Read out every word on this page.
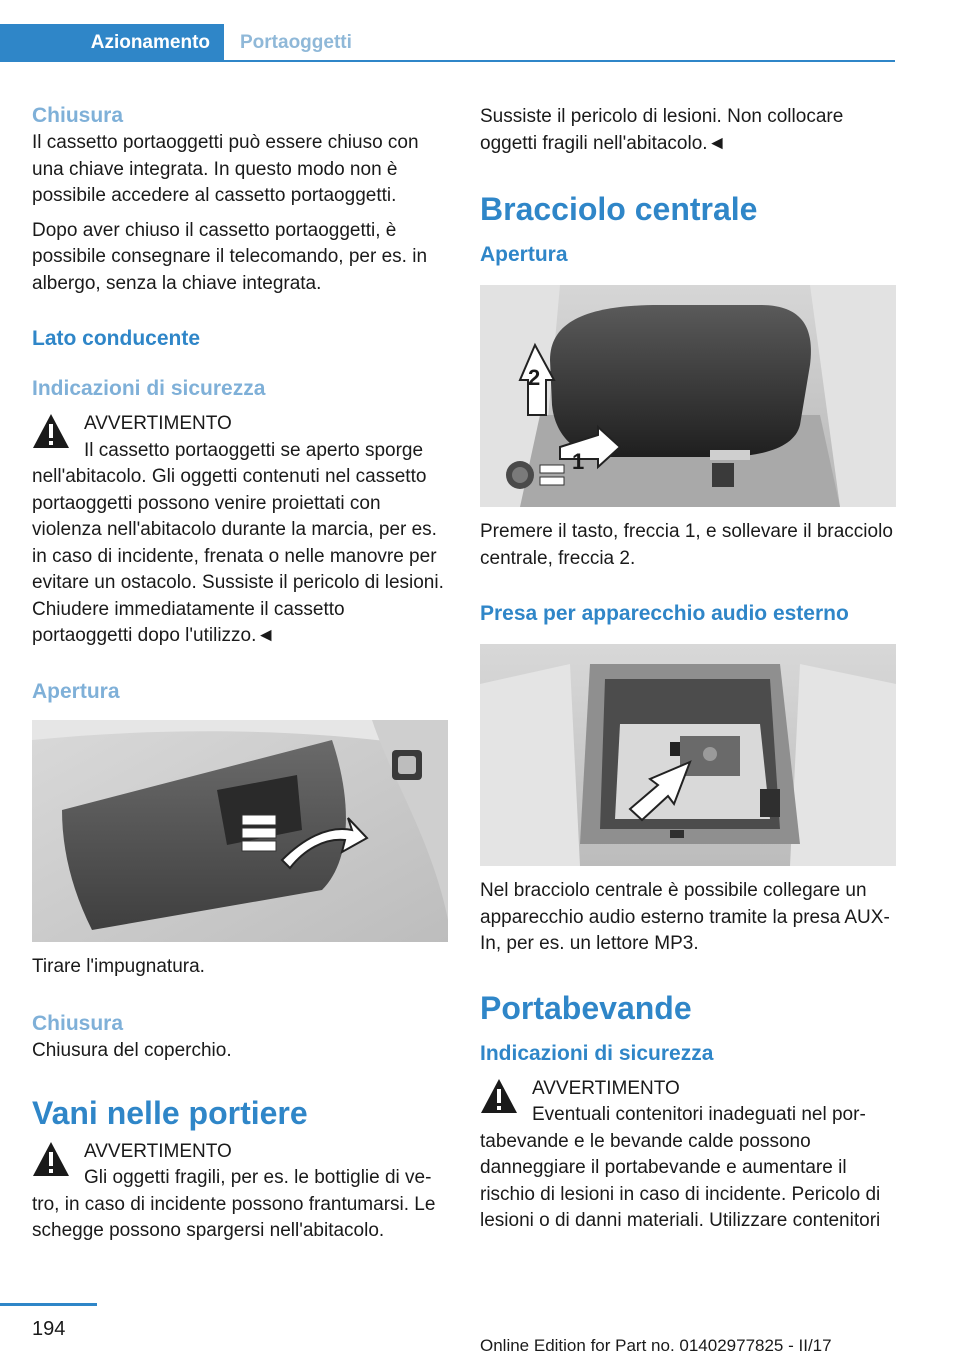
Azionamento	Portaoggetti
Chiusura

Il cassetto portaoggetti può essere chiuso con una chiave integrata. In questo modo non è possibile accedere al cassetto portaoggetti.

Dopo aver chiuso il cassetto portaoggetti, è possibile consegnare il telecomando, per es. in albergo, senza la chiave integrata.

Lato conducente
Indicazioni di sicurezza

AVVERTIMENTO

Il cassetto portaoggetti se aperto sporge

nell'abitacolo. Gli oggetti contenuti nel cassetto portaoggetti possono venire proiettati con violenza nell'abitacolo durante la marcia, per es. in caso di incidente, frenata o nelle manovre per evitare un ostacolo. Sussiste il pericolo di lesioni. Chiudere immediatamente il cassetto portaoggetti dopo l'utilizzo.◄

Apertura

Tirare l'impugnatura.

Chiusura

Chiusura del coperchio.

Vani nelle portiere

AVVERTIMENTO

Gli oggetti fragili, per es. le bottiglie di ve-

tro, in caso di incidente possono frantumarsi. Le schegge possono spargersi nell'abitacolo.

Sussiste il pericolo di lesioni. Non collocare oggetti fragili nell'abitacolo.◄

Bracciolo centrale
Apertura
2
1

Premere il tasto, freccia 1, e sollevare il bracciolo centrale, freccia 2.

Presa per apparecchio audio esterno

Nel bracciolo centrale è possibile collegare un apparecchio audio esterno tramite la presa AUX-In, per es. un lettore MP3.

Portabevande
Indicazioni di sicurezza

AVVERTIMENTO

Eventuali contenitori inadeguati nel por-

tabevande e le bevande calde possono danneggiare il portabevande e aumentare il rischio di lesioni in caso di incidente. Pericolo di lesioni o di danni materiali. Utilizzare contenitori

194
Online Edition for Part no. 01402977825 - II/17
